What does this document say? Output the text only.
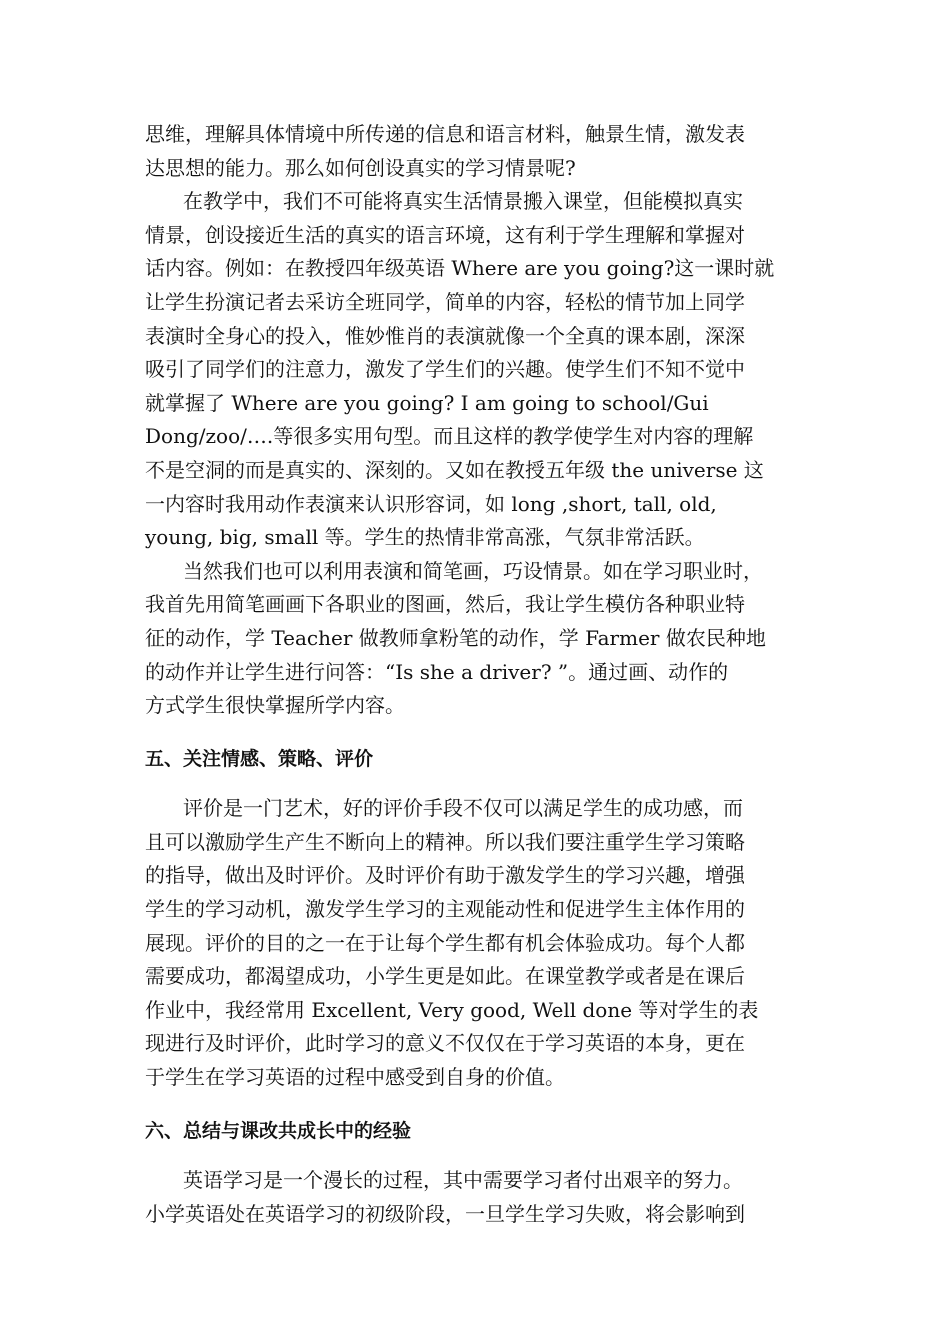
思维，理解具体情境中所传递的信息和语言材料，触景生情，激发表
达思想的能力。那么如何创设真实的学习情景呢?
在教学中，我们不可能将真实生活情景搬入课堂，但能模拟真实
情景，创设接近生活的真实的语言环境，这有利于学生理解和掌握对
话内容。例如：在教授四年级英语 Where are you going?这一课时就
让学生扮演记者去采访全班同学，简单的内容，轻松的情节加上同学
表演时全身心的投入，惟妙惟肖的表演就像一个全真的课本剧，深深
吸引了同学们的注意力，激发了学生们的兴趣。使学生们不知不觉中
就掌握了 Where are you going? I am going to school/Gui
Dong/zoo/….等很多实用句型。而且这样的教学使学生对内容的理解
不是空洞的而是真实的、深刻的。又如在教授五年级 the universe 这
一内容时我用动作表演来认识形容词，如 long ,short, tall, old,
young, big, small 等。学生的热情非常高涨，气氛非常活跃。
当然我们也可以利用表演和简笔画，巧设情景。如在学习职业时，
我首先用简笔画画下各职业的图画，然后，我让学生模仿各种职业特
征的动作，学 Teacher 做教师拿粉笔的动作，学 Farmer 做农民种地
的动作并让学生进行问答：“Is she a driver? ”。通过画、动作的
方式学生很快掌握所学内容。
五、关注情感、策略、评价
评价是一门艺术，好的评价手段不仅可以满足学生的成功感，而
且可以激励学生产生不断向上的精神。所以我们要注重学生学习策略
的指导，做出及时评价。及时评价有助于激发学生的学习兴趣，增强
学生的学习动机，激发学生学习的主观能动性和促进学生主体作用的
展现。评价的目的之一在于让每个学生都有机会体验成功。每个人都
需要成功，都渴望成功，小学生更是如此。在课堂教学或者是在课后
作业中，我经常用 Excellent, Very good, Well done 等对学生的表
现进行及时评价，此时学习的意义不仅仅在于学习英语的本身，更在
于学生在学习英语的过程中感受到自身的价值。
六、总结与课改共成长中的经验
英语学习是一个漫长的过程，其中需要学习者付出艰辛的努力。
小学英语处在英语学习的初级阶段，一旦学生学习失败，将会影响到
